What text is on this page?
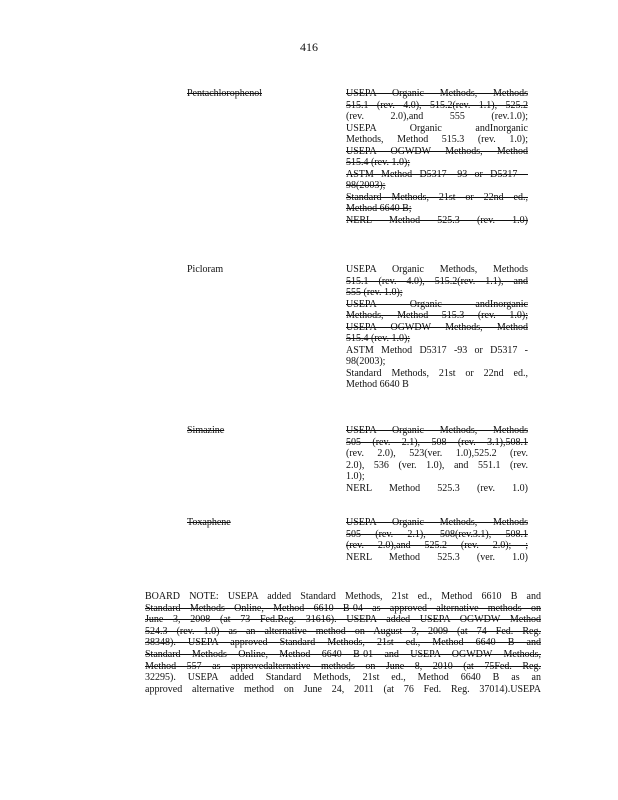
416
Pentachlorophenol	USEPA Organic Methods, Methods
515.1 (rev. 4.0), 515.2(rev. 1.1), 525.2
(rev. 2.0),and 555 (rev.1.0);
USEPA Organic andInorganic
Methods, Method 515.3 (rev. 1.0);
USEPA OGWDW Methods, Method
515.4 (rev. 1.0);
ASTM Method D5317 -93 or D5317 -
98(2003);
Standard Methods, 21st or 22nd ed.,
Method 6640 B;
NERL Method 525.3 (rev. 1.0)
Picloram	USEPA Organic Methods, Methods
515.1 (rev. 4.0), 515.2(rev. 1.1), and
555 (rev. 1.0);
USEPA Organic andInorganic
Methods, Method 515.3 (rev. 1.0);
USEPA OGWDW Methods, Method
515.4 (rev. 1.0);
ASTM Method D5317 -93 or D5317 -
98(2003);
Standard Methods, 21st or 22nd ed.,
Method 6640 B
Simazine	USEPA Organic Methods, Methods
505 (rev. 2.1), 508 (rev. 3.1),508.1
(rev. 2.0), 523(ver. 1.0),525.2 (rev.
2.0), 536 (ver. 1.0), and 551.1 (rev.
1.0);
NERL Method 525.3 (rev. 1.0)
Toxaphene	USEPA Organic Methods, Methods
505 (rev. 2.1), 508(rev.3.1), 508.1
(rev. 2.0),and 525.2 (rev. 2.0); ;
NERL Method 525.3 (ver. 1.0)
BOARD NOTE: USEPA added Standard Methods, 21st ed., Method 6610 B and
Standard Methods Online, Method 6610 B-04 as approved alternative methods on
June 3, 2008 (at 73 Fed.Reg. 31616). USEPA added USEPA OGWDW Method
524.3 (rev. 1.0) as an alternative method on August 3, 2009 (at 74 Fed. Reg.
38348). USEPA approved Standard Methods, 21st ed., Method 6640 B and
Standard Methods Online, Method 6640 B-01 and USEPA OGWDW Methods,
Method 557 as approvedalternative methods on June 8, 2010 (at 75Fed. Reg.
32295). USEPA added Standard Methods, 21st ed., Method 6640 B as an
approved alternative method on June 24, 2011 (at 76 Fed. Reg. 37014).USEPA
